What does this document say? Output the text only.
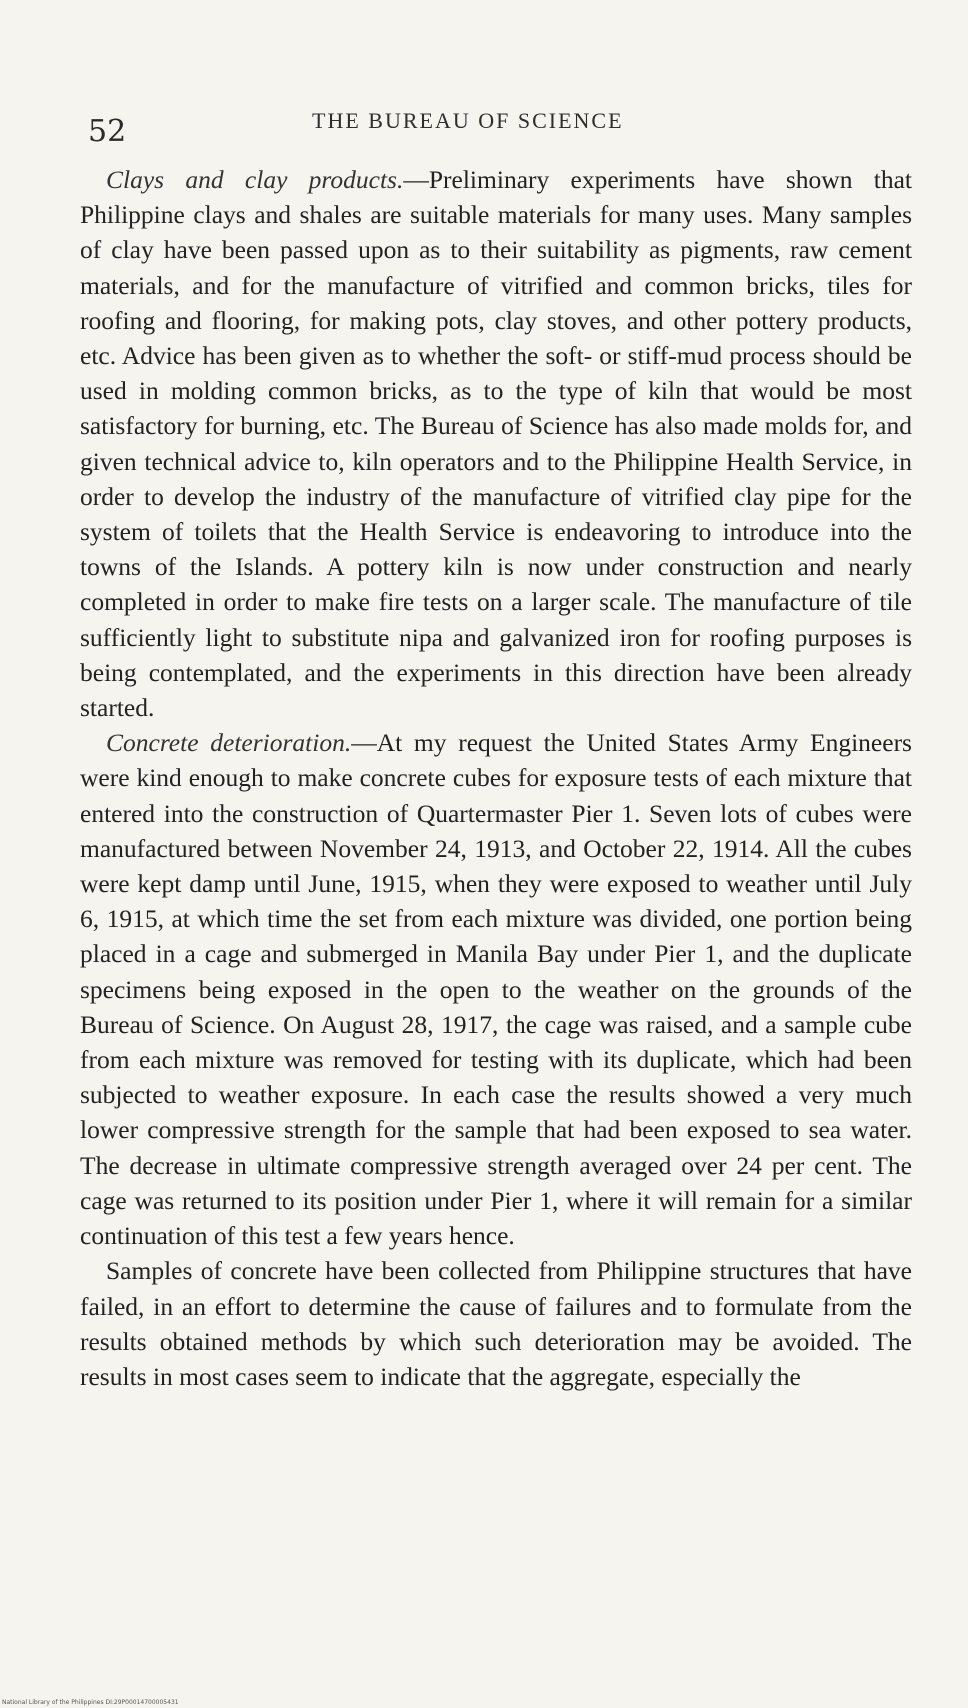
52	THE BUREAU OF SCIENCE

Clays and clay products.—Preliminary experiments have shown that Philippine clays and shales are suitable materials for many uses. Many samples of clay have been passed upon as to their suitability as pigments, raw cement materials, and for the manufacture of vitrified and common bricks, tiles for roofing and flooring, for making pots, clay stoves, and other pottery products, etc. Advice has been given as to whether the soft- or stiff-mud process should be used in molding common bricks, as to the type of kiln that would be most satisfactory for burning, etc. The Bureau of Science has also made molds for, and given technical advice to, kiln operators and to the Philippine Health Service, in order to develop the industry of the manufacture of vitrified clay pipe for the system of toilets that the Health Service is endeavoring to introduce into the towns of the Islands. A pottery kiln is now under construction and nearly completed in order to make fire tests on a larger scale. The manufacture of tile sufficiently light to substitute nipa and galvanized iron for roofing purposes is being contemplated, and the experiments in this direction have been already started.

Concrete deterioration.—At my request the United States Army Engineers were kind enough to make concrete cubes for exposure tests of each mixture that entered into the construction of Quartermaster Pier 1. Seven lots of cubes were manufactured between November 24, 1913, and October 22, 1914. All the cubes were kept damp until June, 1915, when they were exposed to weather until July 6, 1915, at which time the set from each mixture was divided, one portion being placed in a cage and submerged in Manila Bay under Pier 1, and the duplicate specimens being exposed in the open to the weather on the grounds of the Bureau of Science. On August 28, 1917, the cage was raised, and a sample cube from each mixture was removed for testing with its duplicate, which had been subjected to weather exposure. In each case the results showed a very much lower compressive strength for the sample that had been exposed to sea water. The decrease in ultimate compressive strength averaged over 24 per cent. The cage was returned to its position under Pier 1, where it will remain for a similar continuation of this test a few years hence.

Samples of concrete have been collected from Philippine structures that have failed, in an effort to determine the cause of failures and to formulate from the results obtained methods by which such deterioration may be avoided. The results in most cases seem to indicate that the aggregate, especially the

National Library of the Philippines DI:29P00014700005431
